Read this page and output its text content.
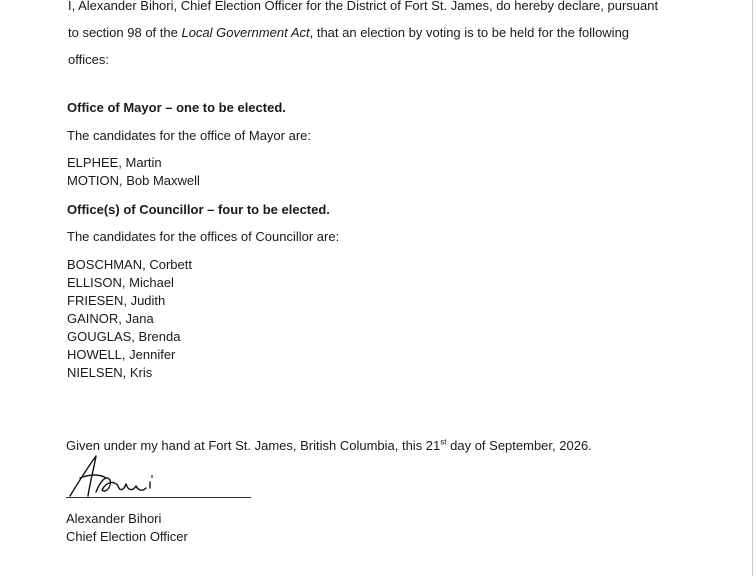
I, Alexander Bihori, Chief Election Officer for the District of Fort St. James, do hereby declare, pursuant
to section 98 of the Local Government Act, that an election by voting is to be held for the following
offices:

Office of Mayor – one to be elected.
The candidates for the office of Mayor are:
ELPHEE, Martin
MOTION, Bob Maxwell
Office(s) of Councillor – four to be elected.
The candidates for the offices of Councillor are:
BOSCHMAN, Corbett
ELLISON, Michael
FRIESEN, Judith
GAINOR, Jana
GOUGLAS, Brenda
HOWELL, Jennifer
NIELSEN, Kris
Given under my hand at Fort St. James, British Columbia, this 21st day of September, 2026.
Alexander Bihori
Chief Election Officer
